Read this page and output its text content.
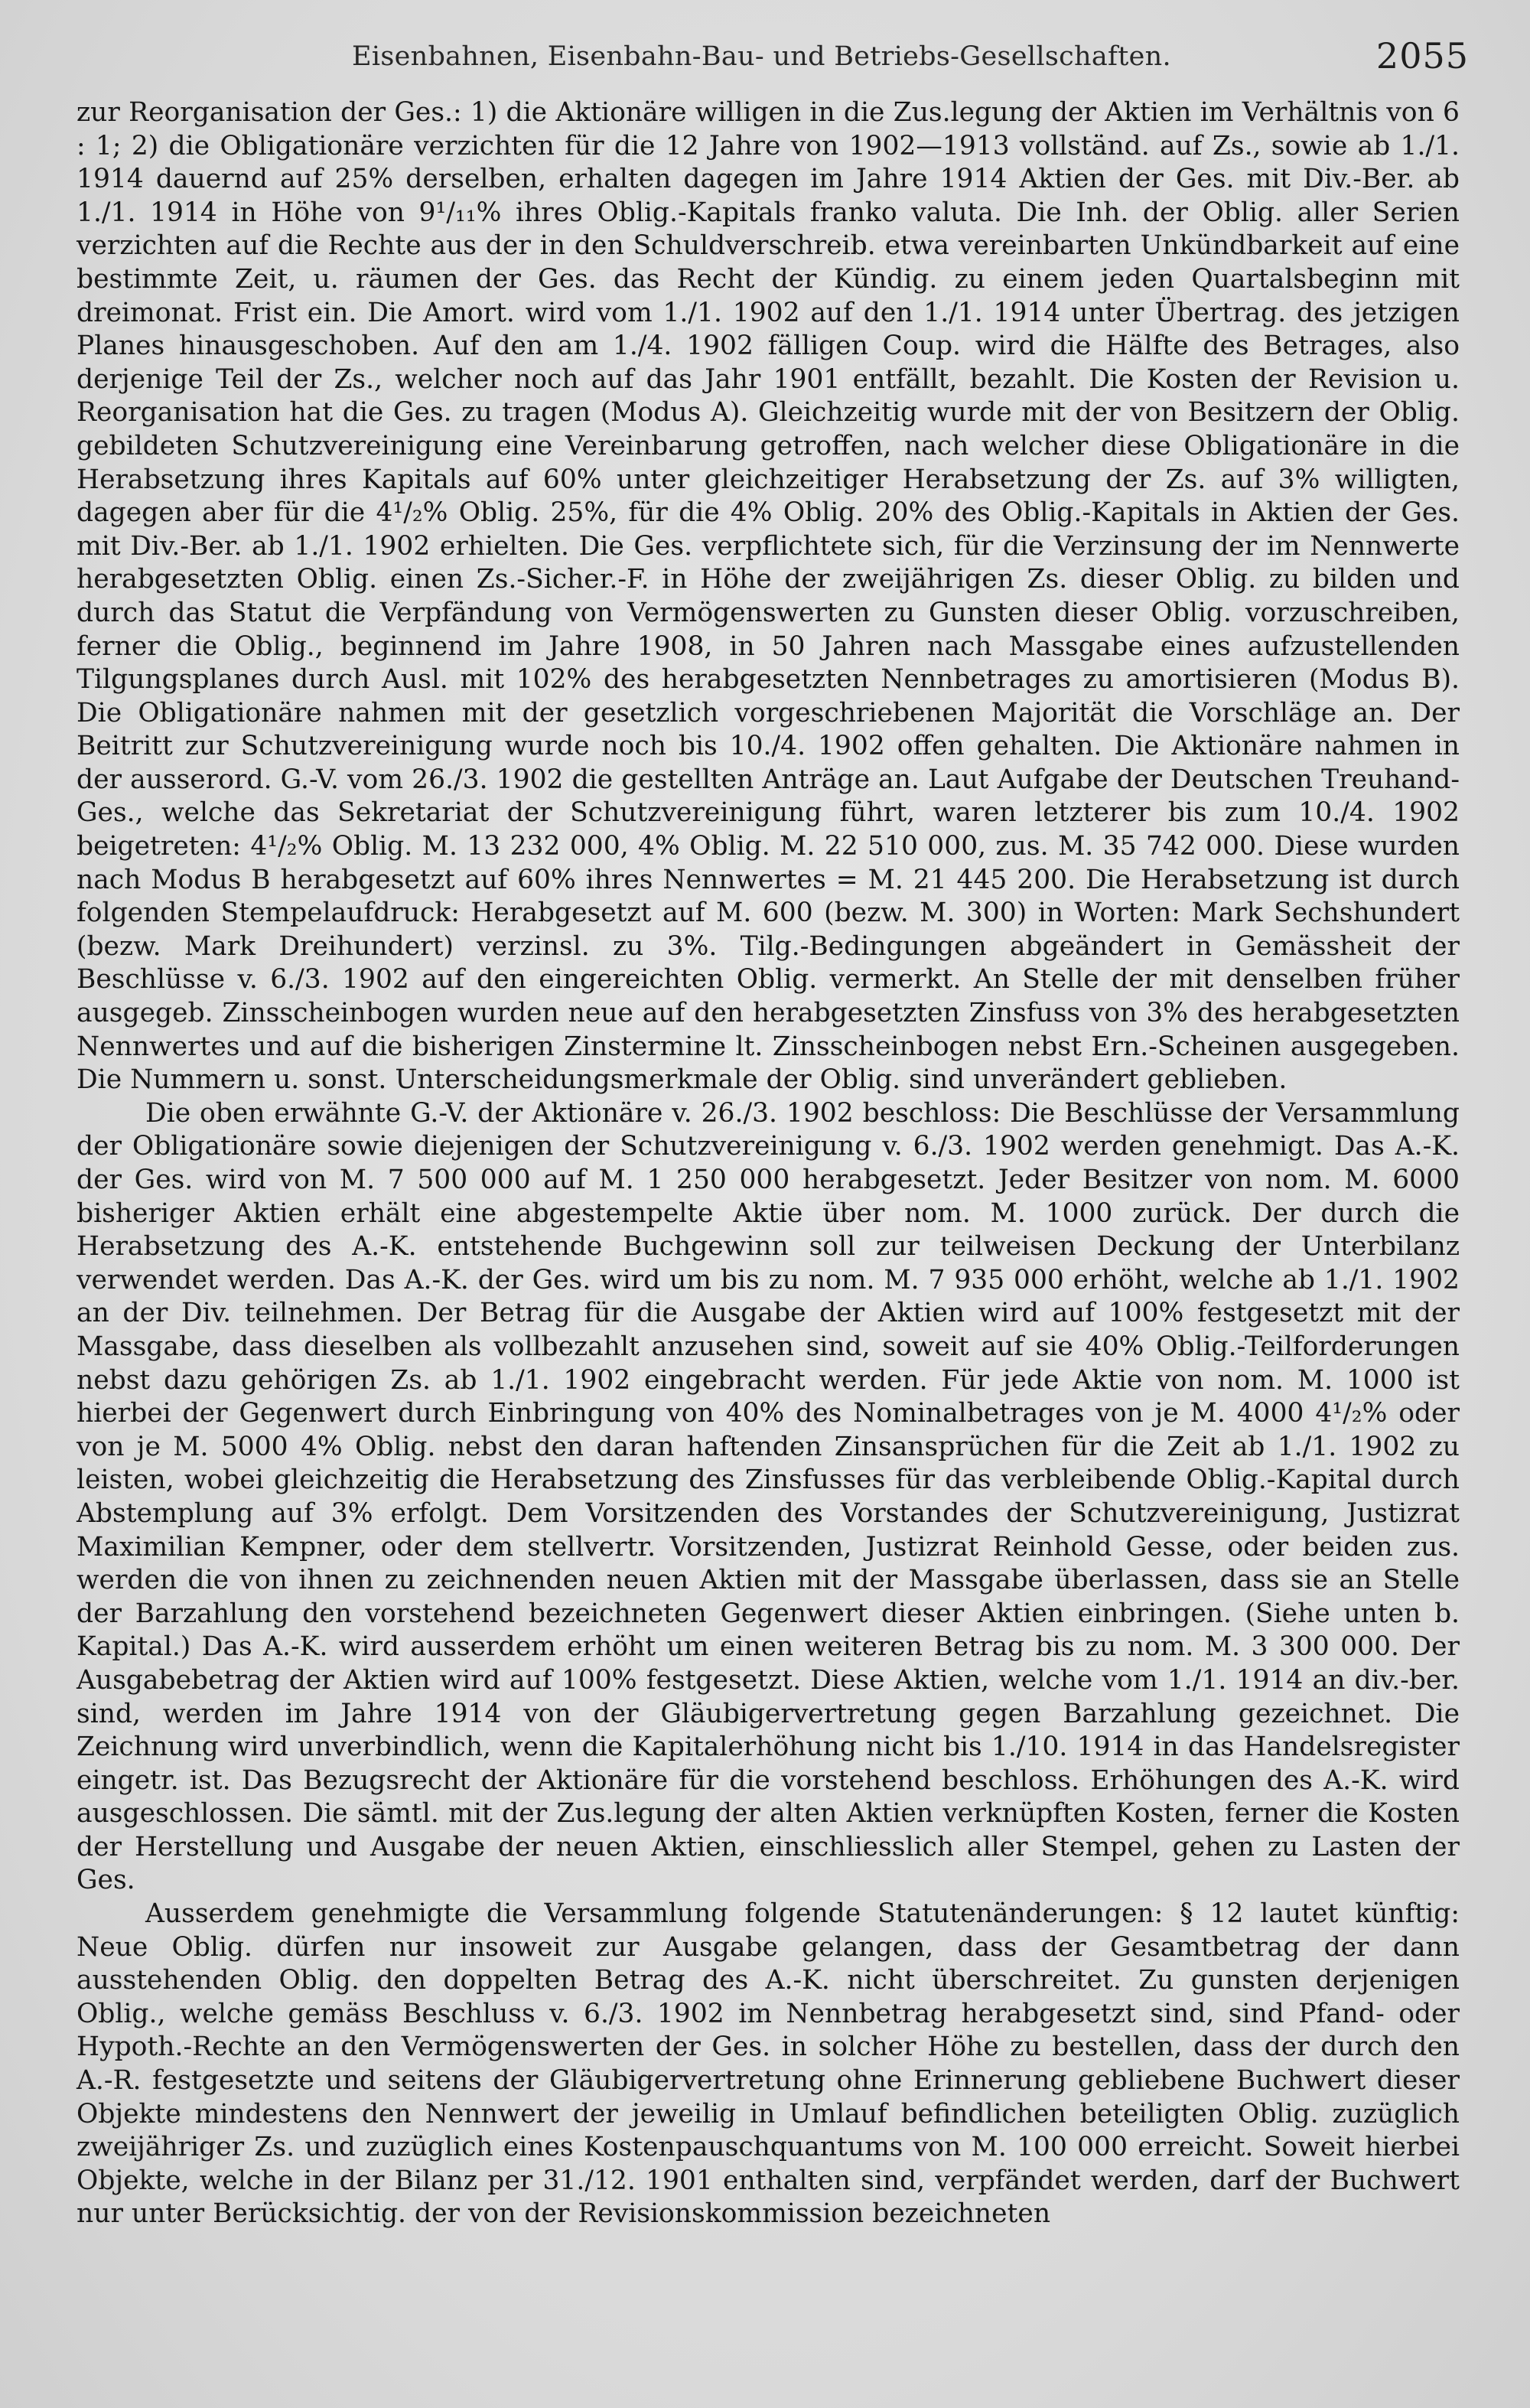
Eisenbahnen, Eisenbahn-Bau- und Betriebs-Gesellschaften.	2055

zur Reorganisation der Ges.: 1) die Aktionäre willigen in die Zus.legung der Aktien im Verhältnis von 6 : 1; 2) die Obligationäre verzichten für die 12 Jahre von 1902—1913 vollständ. auf Zs., sowie ab 1./1. 1914 dauernd auf 25% derselben, erhalten dagegen im Jahre 1914 Aktien der Ges. mit Div.-Ber. ab 1./1. 1914 in Höhe von 9¹/₁₁% ihres Oblig.-Kapitals franko valuta. Die Inh. der Oblig. aller Serien verzichten auf die Rechte aus der in den Schuldverschreib. etwa vereinbarten Unkündbarkeit auf eine bestimmte Zeit, u. räumen der Ges. das Recht der Kündig. zu einem jeden Quartalsbeginn mit dreimonat. Frist ein. Die Amort. wird vom 1./1. 1902 auf den 1./1. 1914 unter Übertrag. des jetzigen Planes hinausgeschoben. Auf den am 1./4. 1902 fälligen Coup. wird die Hälfte des Betrages, also derjenige Teil der Zs., welcher noch auf das Jahr 1901 entfällt, bezahlt. Die Kosten der Revision u. Reorganisation hat die Ges. zu tragen (Modus A). Gleichzeitig wurde mit der von Besitzern der Oblig. gebildeten Schutzvereinigung eine Vereinbarung getroffen, nach welcher diese Obligationäre in die Herabsetzung ihres Kapitals auf 60% unter gleichzeitiger Herabsetzung der Zs. auf 3% willigten, dagegen aber für die 4¹/₂% Oblig. 25%, für die 4% Oblig. 20% des Oblig.-Kapitals in Aktien der Ges. mit Div.-Ber. ab 1./1. 1902 erhielten. Die Ges. verpflichtete sich, für die Verzinsung der im Nennwerte herabgesetzten Oblig. einen Zs.-Sicher.-F. in Höhe der zweijährigen Zs. dieser Oblig. zu bilden und durch das Statut die Verpfändung von Vermögenswerten zu Gunsten dieser Oblig. vorzuschreiben, ferner die Oblig., beginnend im Jahre 1908, in 50 Jahren nach Massgabe eines aufzustellenden Tilgungsplanes durch Ausl. mit 102% des herabgesetzten Nennbetrages zu amortisieren (Modus B). Die Obligationäre nahmen mit der gesetzlich vorgeschriebenen Majorität die Vorschläge an. Der Beitritt zur Schutzvereinigung wurde noch bis 10./4. 1902 offen gehalten. Die Aktionäre nahmen in der ausserord. G.-V. vom 26./3. 1902 die gestellten Anträge an. Laut Aufgabe der Deutschen Treuhand-Ges., welche das Sekretariat der Schutzvereinigung führt, waren letzterer bis zum 10./4. 1902 beigetreten: 4¹/₂% Oblig. M. 13 232 000, 4% Oblig. M. 22 510 000, zus. M. 35 742 000. Diese wurden nach Modus B herabgesetzt auf 60% ihres Nennwertes = M. 21 445 200. Die Herabsetzung ist durch folgenden Stempelaufdruck: Herabgesetzt auf M. 600 (bezw. M. 300) in Worten: Mark Sechshundert (bezw. Mark Dreihundert) verzinsl. zu 3%. Tilg.-Bedingungen abgeändert in Gemässheit der Beschlüsse v. 6./3. 1902 auf den eingereichten Oblig. vermerkt. An Stelle der mit denselben früher ausgegeb. Zinsscheinbogen wurden neue auf den herabgesetzten Zinsfuss von 3% des herabgesetzten Nennwertes und auf die bisherigen Zinstermine lt. Zinsscheinbogen nebst Ern.-Scheinen ausgegeben. Die Nummern u. sonst. Unterscheidungsmerkmale der Oblig. sind unverändert geblieben.

Die oben erwähnte G.-V. der Aktionäre v. 26./3. 1902 beschloss: Die Beschlüsse der Versammlung der Obligationäre sowie diejenigen der Schutzvereinigung v. 6./3. 1902 werden genehmigt. Das A.-K. der Ges. wird von M. 7 500 000 auf M. 1 250 000 herabgesetzt. Jeder Besitzer von nom. M. 6000 bisheriger Aktien erhält eine abgestempelte Aktie über nom. M. 1000 zurück. Der durch die Herabsetzung des A.-K. entstehende Buchgewinn soll zur teilweisen Deckung der Unterbilanz verwendet werden. Das A.-K. der Ges. wird um bis zu nom. M. 7 935 000 erhöht, welche ab 1./1. 1902 an der Div. teilnehmen. Der Betrag für die Ausgabe der Aktien wird auf 100% festgesetzt mit der Massgabe, dass dieselben als vollbezahlt anzusehen sind, soweit auf sie 40% Oblig.-Teilforderungen nebst dazu gehörigen Zs. ab 1./1. 1902 eingebracht werden. Für jede Aktie von nom. M. 1000 ist hierbei der Gegenwert durch Einbringung von 40% des Nominalbetrages von je M. 4000 4¹/₂% oder von je M. 5000 4% Oblig. nebst den daran haftenden Zinsansprüchen für die Zeit ab 1./1. 1902 zu leisten, wobei gleichzeitig die Herabsetzung des Zinsfusses für das verbleibende Oblig.-Kapital durch Abstemplung auf 3% erfolgt. Dem Vorsitzenden des Vorstandes der Schutzvereinigung, Justizrat Maximilian Kempner, oder dem stellvertr. Vorsitzenden, Justizrat Reinhold Gesse, oder beiden zus. werden die von ihnen zu zeichnenden neuen Aktien mit der Massgabe überlassen, dass sie an Stelle der Barzahlung den vorstehend bezeichneten Gegenwert dieser Aktien einbringen. (Siehe unten b. Kapital.) Das A.-K. wird ausserdem erhöht um einen weiteren Betrag bis zu nom. M. 3 300 000. Der Ausgabebetrag der Aktien wird auf 100% festgesetzt. Diese Aktien, welche vom 1./1. 1914 an div.-ber. sind, werden im Jahre 1914 von der Gläubigervertretung gegen Barzahlung gezeichnet. Die Zeichnung wird unverbindlich, wenn die Kapitalerhöhung nicht bis 1./10. 1914 in das Handelsregister eingetr. ist. Das Bezugsrecht der Aktionäre für die vorstehend beschloss. Erhöhungen des A.-K. wird ausgeschlossen. Die sämtl. mit der Zus.legung der alten Aktien verknüpften Kosten, ferner die Kosten der Herstellung und Ausgabe der neuen Aktien, einschliesslich aller Stempel, gehen zu Lasten der Ges.

Ausserdem genehmigte die Versammlung folgende Statutenänderungen: § 12 lautet künftig: Neue Oblig. dürfen nur insoweit zur Ausgabe gelangen, dass der Gesamtbetrag der dann ausstehenden Oblig. den doppelten Betrag des A.-K. nicht überschreitet. Zu gunsten derjenigen Oblig., welche gemäss Beschluss v. 6./3. 1902 im Nennbetrag herabgesetzt sind, sind Pfand- oder Hypoth.-Rechte an den Vermögenswerten der Ges. in solcher Höhe zu bestellen, dass der durch den A.-R. festgesetzte und seitens der Gläubigervertretung ohne Erinnerung gebliebene Buchwert dieser Objekte mindestens den Nennwert der jeweilig in Umlauf befindlichen beteiligten Oblig. zuzüglich zweijähriger Zs. und zuzüglich eines Kostenpauschquantums von M. 100 000 erreicht. Soweit hierbei Objekte, welche in der Bilanz per 31./12. 1901 enthalten sind, verpfändet werden, darf der Buchwert nur unter Berücksichtig. der von der Revisionskommission bezeichneten
